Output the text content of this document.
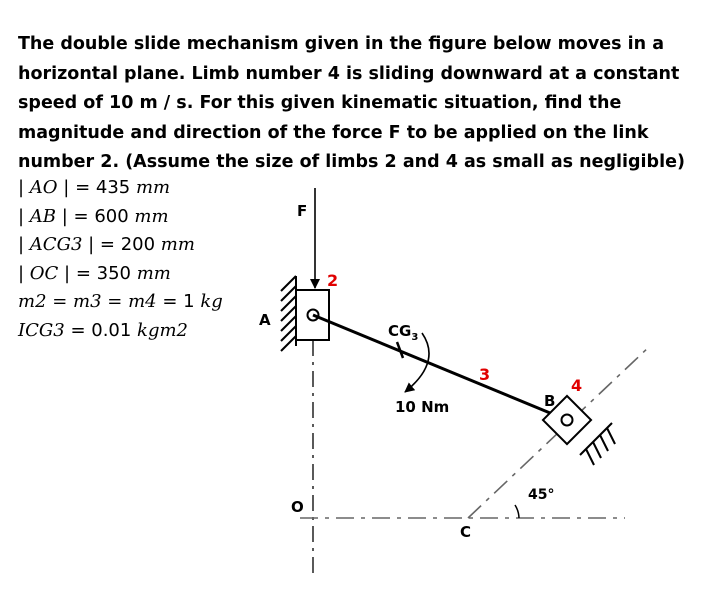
The double slide mechanism given in the figure below moves in a horizontal plane. Limb number 4 is sliding downward at a constant speed of 10 m / s. For this given kinematic situation, find the magnitude and direction of the force F to be applied on the link number 2. (Assume the size of limbs 2 and 4 as small as negligible)

| AO | = 435 mm
| AB | = 600 mm
| ACG3 | = 200 mm
| OC | = 350 mm
m2 = m3 = m4 = 1 kg
ICG3 = 0.01 kgm2
F
2
A
$CG_3$
3
10 Nm	B
4
45°
O
C
